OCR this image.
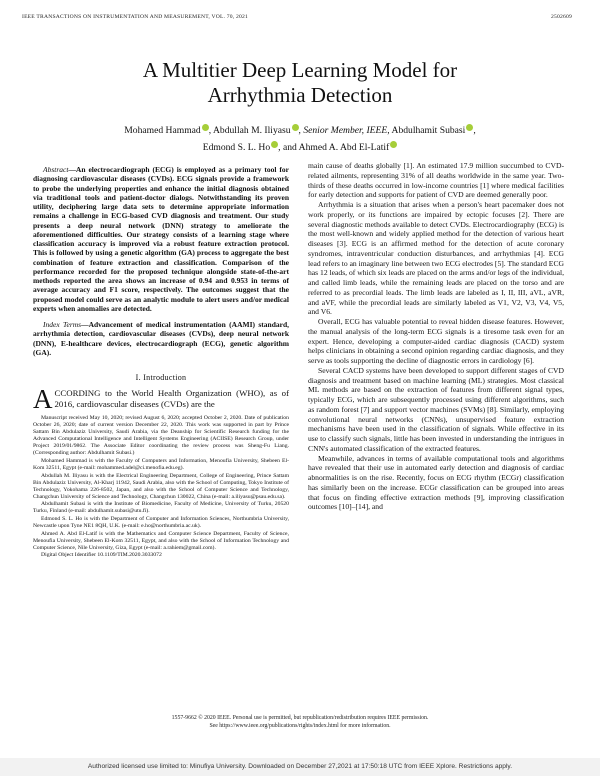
IEEE TRANSACTIONS ON INSTRUMENTATION AND MEASUREMENT, VOL. 70, 2021	2502609
A Multitier Deep Learning Model for
Arrhythmia Detection
Mohamed Hammad , Abdullah M. Iliyasu , Senior Member, IEEE, Abdulhamit Subasi ,
Edmond S. L. Ho , and Ahmed A. Abd El-Latif

Abstract—An electrocardiograph (ECG) is employed as a primary tool for diagnosing cardiovascular diseases (CVDs). ECG signals provide a framework to probe the underlying properties and enhance the initial diagnosis obtained via traditional tools and patient-doctor dialogs. Notwithstanding its proven utility, deciphering large data sets to determine appropriate information remains a challenge in ECG-based CVD diagnosis and treatment. Our study presents a deep neural network (DNN) strategy to ameliorate the aforementioned difficulties. Our strategy consists of a learning stage where classification accuracy is improved via a robust feature extraction protocol. This is followed by using a genetic algorithm (GA) process to aggregate the best combination of feature extraction and classification. Comparison of the performance recorded for the proposed technique alongside state-of-the-art methods reported the area shows an increase of 0.94 and 0.953 in terms of average accuracy and F1 score, respectively. The outcomes suggest that the proposed model could serve as an analytic module to alert users and/or medical experts when anomalies are detected.

Index Terms—Advancement of medical instrumentation (AAMI) standard, arrhythmia detection, cardiovascular diseases (CVDs), deep neural network (DNN), E-healthcare devices, electrocardiograph (ECG), genetic algorithm (GA).

I. Introduction

ACCORDING to the World Health Organization (WHO), as of 2016, cardiovascular diseases (CVDs) are the

Manuscript received May 10, 2020; revised August 6, 2020; accepted October 2, 2020. Date of publication October 26, 2020; date of current version December 22, 2020. This work was supported in part by Prince Sattam Bin Abdulaziz University, Saudi Arabia, via the Deanship for Scientific Research funding for the Advanced Computational Intelligence and Intelligent Systems Engineering (ACIISE) Research Group, under Project 2019/01/9862. The Associate Editor coordinating the review process was Sheng-Fu Liang. (Corresponding author: Abdulhamit Subasi.)

Mohamed Hammad is with the Faculty of Computers and Information, Menoufia University, Shebeen El-Kom 32511, Egypt (e-mail: mohammed.adel@ci.menofia.edu.eg).

Abdullah M. Iliyasu is with the Electrical Engineering Department, College of Engineering, Prince Sattam Bin Abdulaziz University, Al-Kharj 11942, Saudi Arabia, also with the School of Computing, Tokyo Institute of Technology, Yokohama 226-8502, Japan, and also with the School of Computer Science and Technology, Changchun University of Science and Technology, Changchun 130022, China (e-mail: a.iliyasu@psau.edu.sa).

Abdulhamit Subasi is with the Institute of Biomedicine, Faculty of Medicine, University of Turku, 20520 Turku, Finland (e-mail: abdulhamit.subasi@utu.fi).

Edmond S. L. Ho is with the Department of Computer and Information Sciences, Northumbria University, Newcastle upon Tyne NE1 8QH, U.K. (e-mail: e.ho@northumbria.ac.uk).

Ahmed A. Abd El-Latif is with the Mathematics and Computer Science Department, Faculty of Science, Menoufia University, Shebeen El-Kom 32511, Egypt, and also with the School of Information Technology and Computer Science, Nile University, Giza, Egypt (e-mail: a.rahiem@gmail.com).

Digital Object Identifier 10.1109/TIM.2020.3033072

main cause of deaths globally [1]. An estimated 17.9 million succumbed to CVD-related ailments, representing 31% of all deaths worldwide in the same year. Two-thirds of these deaths occurred in low-income countries [1] where medical facilities for early detection and supports for patient of CVD are deemed generally poor.

Arrhythmia is a situation that arises when a person's heart pacemaker does not work properly, or its functions are impaired by ectopic focuses [2]. There are several diagnostic methods available to detect CVDs. Electrocardiography (ECG) is the most well-known and widely applied method for the detection of various heart diseases [3]. ECG is an affirmed method for the detection of acute coronary syndromes, intraventricular conduction disturbances, and arrhythmias [4]. ECG lead refers to an imaginary line between two ECG electrodes [5]. The standard ECG has 12 leads, of which six leads are placed on the arms and/or legs of the individual, and called limb leads, while the remaining leads are placed on the torso and are referred to as precordial leads. The limb leads are labeled as I, II, III, aVL, aVR, and aVF, while the precordial leads are similarly labeled as V1, V2, V3, V4, V5, and V6.

Overall, ECG has valuable potential to reveal hidden disease features. However, the manual analysis of the long-term ECG signals is a tiresome task even for an expert. Hence, developing a computer-aided cardiac diagnosis (CACD) system helps clinicians in obtaining a second opinion regarding cardiac diagnosis, and they serve as tools supporting the decline of diagnostic errors in cardiology [6].

Several CACD systems have been developed to support different stages of CVD diagnosis and treatment based on machine learning (ML) strategies. Most classical ML methods are based on the extraction of features from different signal types, typically ECG, which are subsequently processed using different algorithms, such as random forest [7] and support vector machines (SVMs) [8]. Similarly, employing convolutional neural networks (CNNs), unsupervised feature extraction mechanisms have been used in the classification of signals. While effective in its use to classify such signals, little has been invested in understanding the intrigues in CNN's automated classification of the extracted features.

Meanwhile, advances in terms of available computational tools and algorithms have revealed that their use in automated early detection and diagnosis of cardiac abnormalities is on the rise. Recently, focus on ECG rhythm (ECGr) classification has similarly been on the increase. ECGr classification can be grouped into areas that focus on finding effective extraction methods [9], improving classification outcomes [10]–[14], and

1557-9662 © 2020 IEEE. Personal use is permitted, but republication/redistribution requires IEEE permission.
See https://www.ieee.org/publications/rights/index.html for more information.
Authorized licensed use limited to: Minufiya University. Downloaded on December 27,2021 at 17:50:18 UTC from IEEE Xplore. Restrictions apply.
